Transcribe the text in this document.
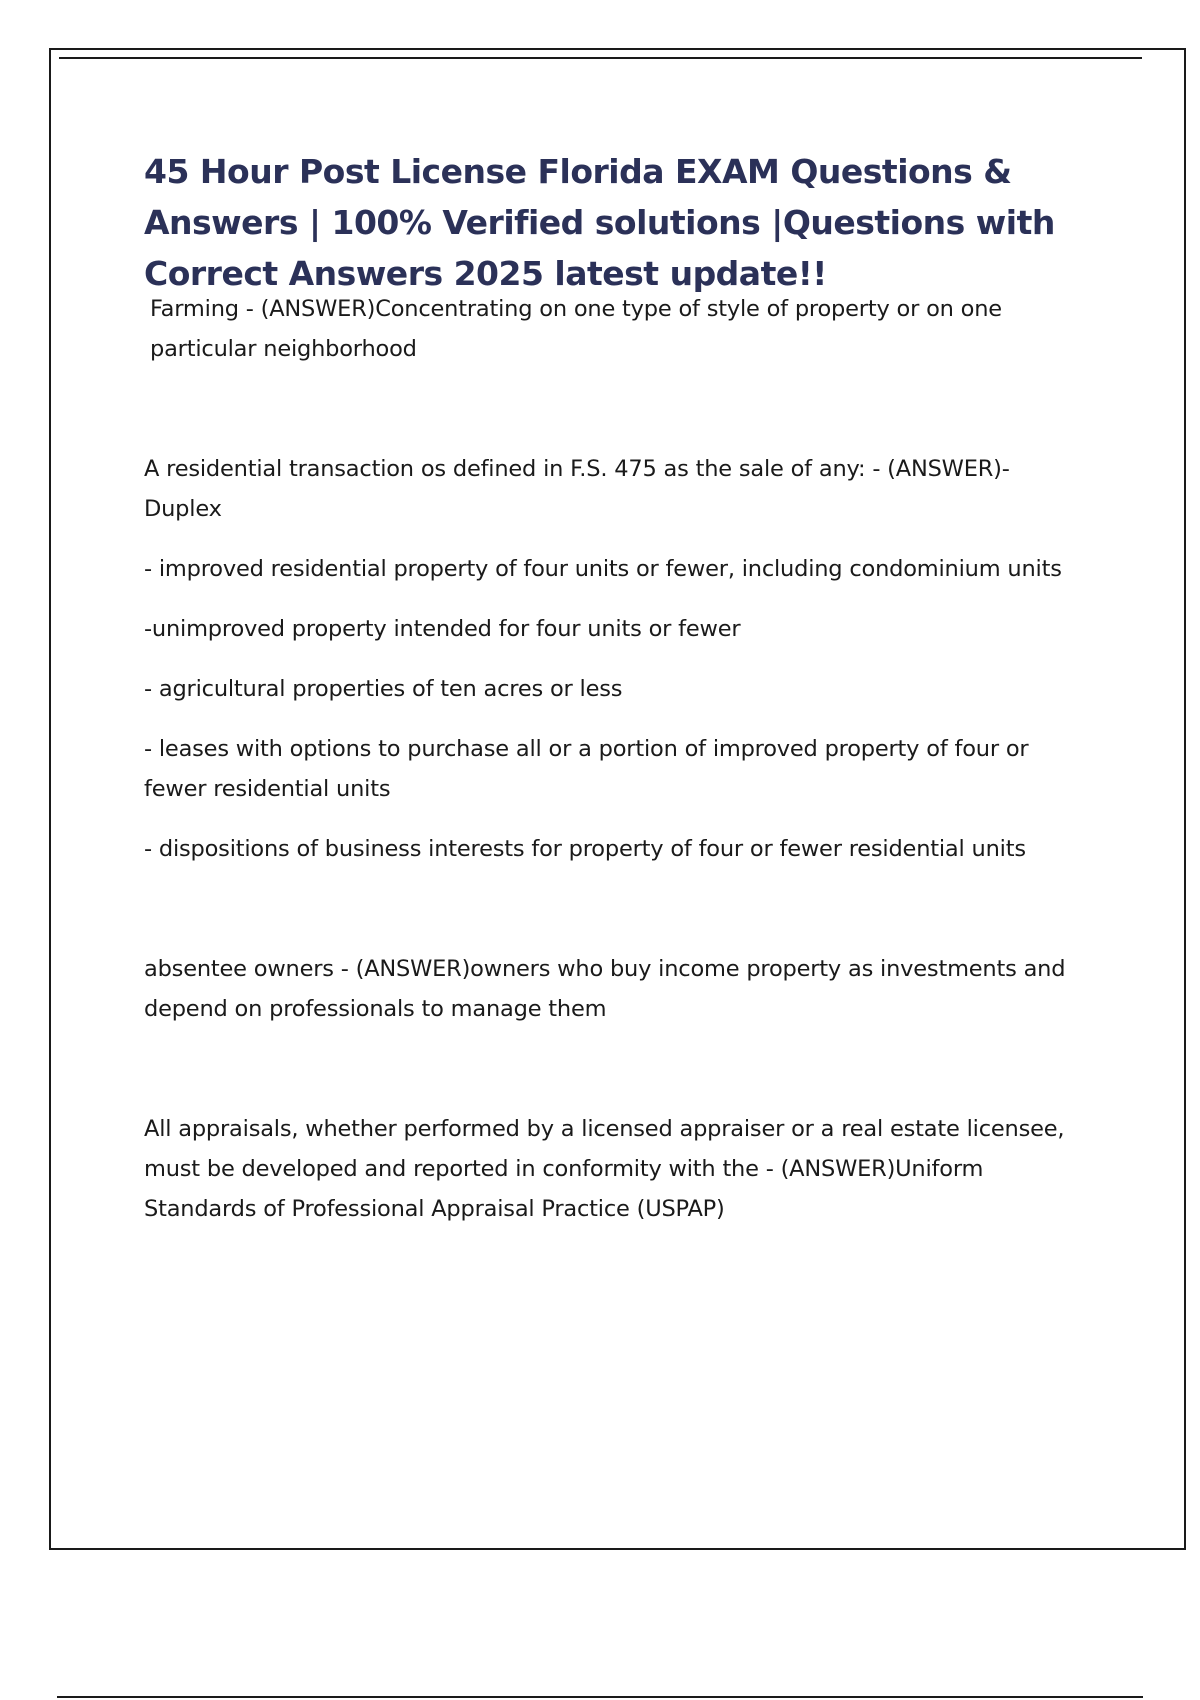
45 Hour Post License Florida EXAM Questions & Answers | 100% Verified solutions |Questions with Correct Answers 2025 latest update!!

Farming - (ANSWER)Concentrating on one type of style of property or on one particular neighborhood

A residential transaction os defined in F.S. 475 as the sale of any: - (ANSWER)-Duplex

- improved residential property of four units or fewer, including condominium units

-unimproved property intended for four units or fewer

- agricultural properties of ten acres or less

- leases with options to purchase all or a portion of improved property of four or fewer residential units

- dispositions of business interests for property of four or fewer residential units

absentee owners - (ANSWER)owners who buy income property as investments and depend on professionals to manage them

All appraisals, whether performed by a licensed appraiser or a real estate licensee, must be developed and reported in conformity with the - (ANSWER)Uniform Standards of Professional Appraisal Practice (USPAP)
